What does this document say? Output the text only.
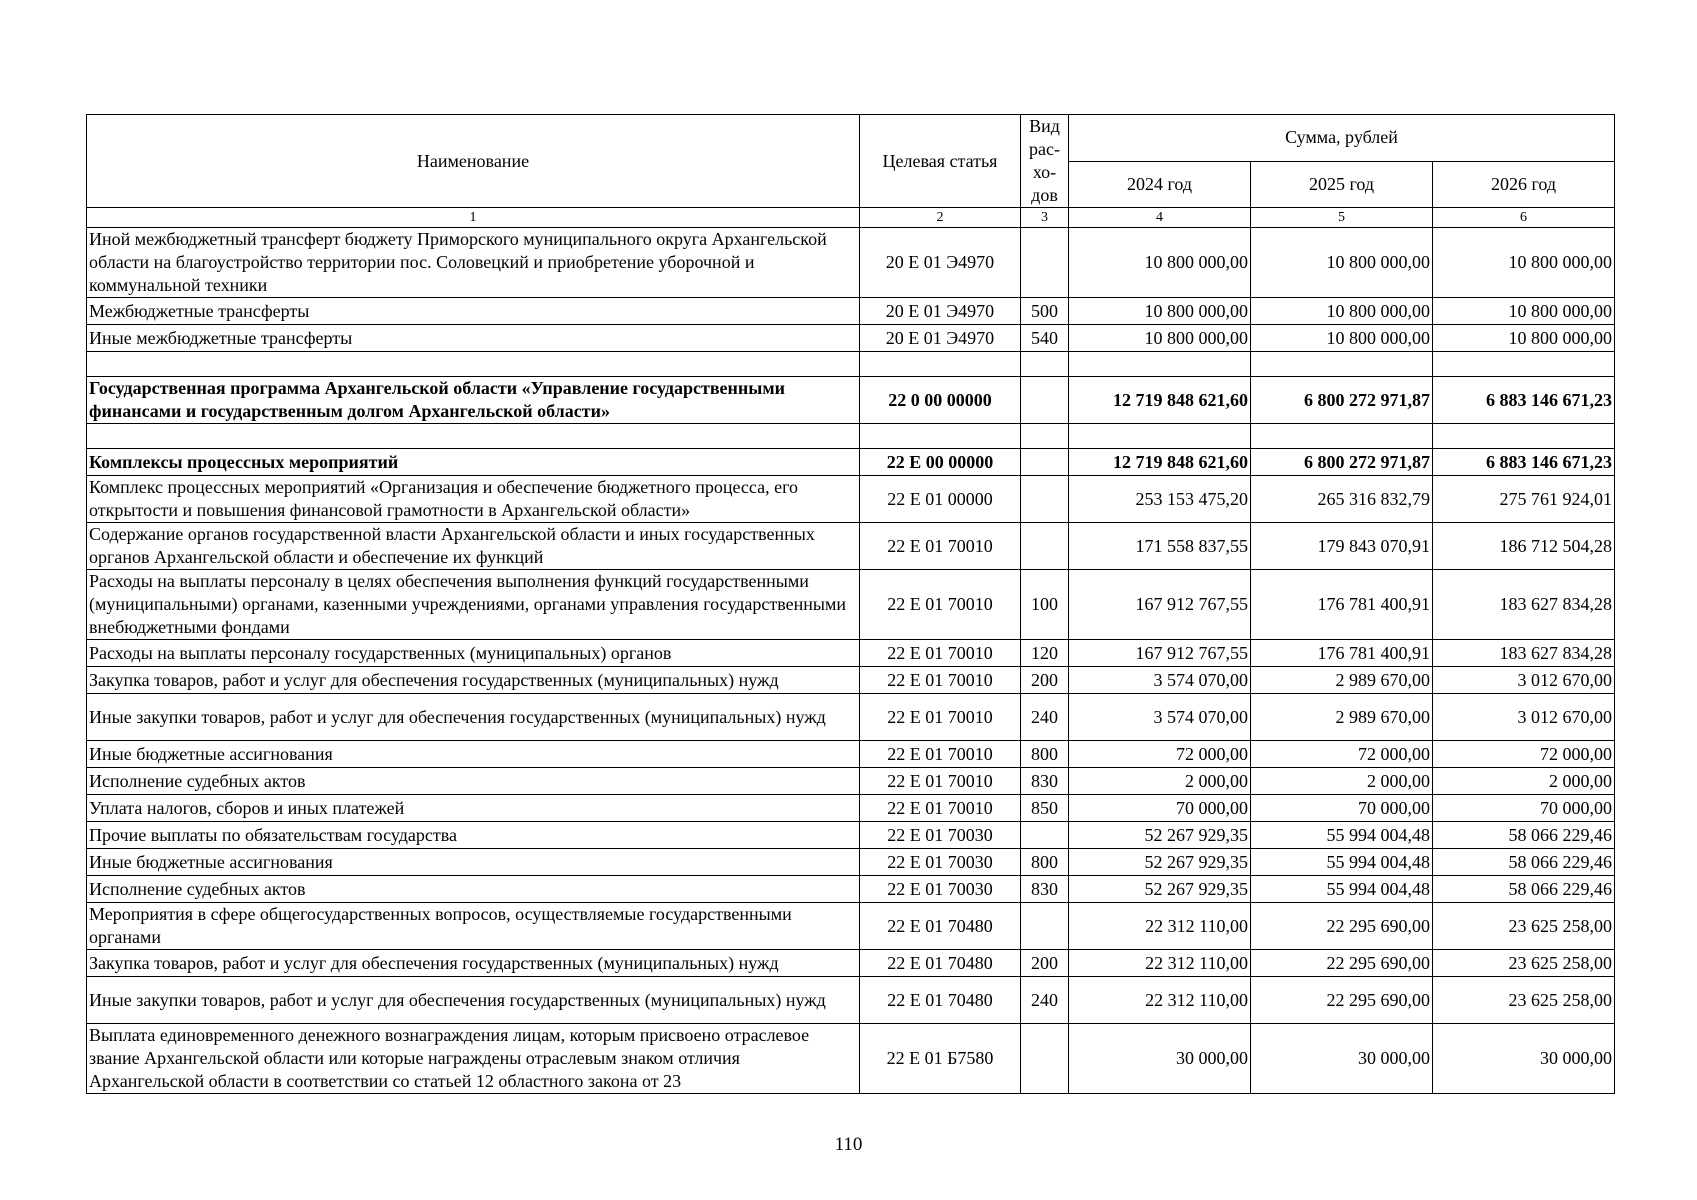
Наименование	Целевая статья	Вид
рас-
хо-
дов	Сумма, рублей		
			2024 год	2025 год	2026 год
1	2	3	4	5	6
Иной межбюджетный трансферт бюджету Приморского муниципального округа Архангельской области на благоустройство территории пос. Соловецкий и приобретение уборочной и коммунальной техники	20 Е 01 Э4970		10 800 000,00	10 800 000,00	10 800 000,00
Межбюджетные трансферты	20 Е 01 Э4970	500	10 800 000,00	10 800 000,00	10 800 000,00
Иные межбюджетные трансферты	20 Е 01 Э4970	540	10 800 000,00	10 800 000,00	10 800 000,00

Государственная программа Архангельской области «Управление государственными финансами и государственным долгом Архангельской области»	22 0 00 00000		12 719 848 621,60	6 800 272 971,87	6 883 146 671,23

Комплексы процессных мероприятий	22 Е 00 00000		12 719 848 621,60	6 800 272 971,87	6 883 146 671,23
Комплекс процессных мероприятий «Организация и обеспечение бюджетного процесса, его открытости и повышения финансовой грамотности в Архангельской области»	22 Е 01 00000		253 153 475,20	265 316 832,79	275 761 924,01
Содержание органов государственной власти Архангельской области и иных государственных органов Архангельской области и обеспечение их функций	22 Е 01 70010		171 558 837,55	179 843 070,91	186 712 504,28
Расходы на выплаты персоналу в целях обеспечения выполнения функций государственными (муниципальными) органами, казенными учреждениями, органами управления государственными внебюджетными фондами	22 Е 01 70010	100	167 912 767,55	176 781 400,91	183 627 834,28
Расходы на выплаты персоналу государственных (муниципальных) органов	22 Е 01 70010	120	167 912 767,55	176 781 400,91	183 627 834,28
Закупка товаров, работ и услуг для обеспечения государственных (муниципальных) нужд	22 Е 01 70010	200	3 574 070,00	2 989 670,00	3 012 670,00
Иные закупки товаров, работ и услуг для обеспечения государственных (муниципальных) нужд	22 Е 01 70010	240	3 574 070,00	2 989 670,00	3 012 670,00
Иные бюджетные ассигнования	22 Е 01 70010	800	72 000,00	72 000,00	72 000,00
Исполнение судебных актов	22 Е 01 70010	830	2 000,00	2 000,00	2 000,00
Уплата налогов, сборов и иных платежей	22 Е 01 70010	850	70 000,00	70 000,00	70 000,00
Прочие выплаты по обязательствам государства	22 Е 01 70030		52 267 929,35	55 994 004,48	58 066 229,46
Иные бюджетные ассигнования	22 Е 01 70030	800	52 267 929,35	55 994 004,48	58 066 229,46
Исполнение судебных актов	22 Е 01 70030	830	52 267 929,35	55 994 004,48	58 066 229,46
Мероприятия в сфере общегосударственных вопросов, осуществляемые государственными органами	22 Е 01 70480		22 312 110,00	22 295 690,00	23 625 258,00
Закупка товаров, работ и услуг для обеспечения государственных (муниципальных) нужд	22 Е 01 70480	200	22 312 110,00	22 295 690,00	23 625 258,00
Иные закупки товаров, работ и услуг для обеспечения государственных (муниципальных) нужд	22 Е 01 70480	240	22 312 110,00	22 295 690,00	23 625 258,00
Выплата единовременного денежного вознаграждения лицам, которым присвоено отраслевое звание Архангельской области или которые награждены отраслевым знаком отличия Архангельской области в соответствии со статьей 12 областного закона от 23	22 Е 01 Б7580		30 000,00	30 000,00	30 000,00
110
